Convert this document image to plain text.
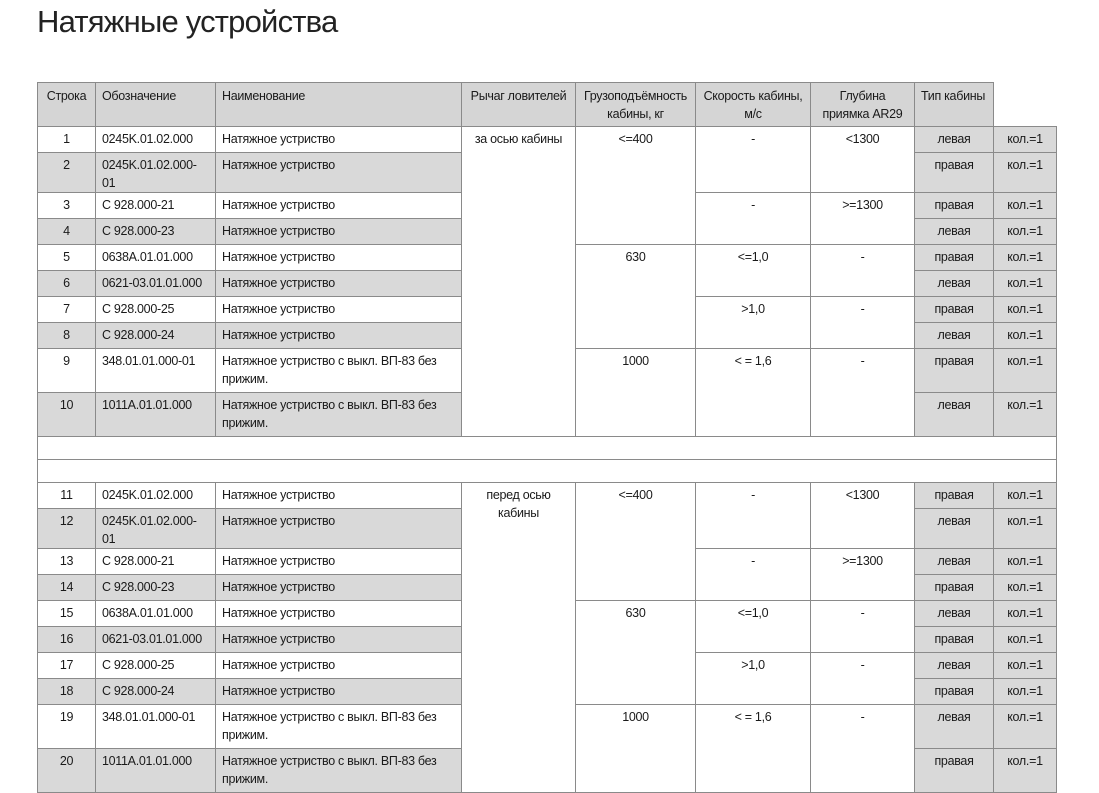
Натяжные устройства
Строка	Обозначение	Наименование	Рычаг ловителей	Грузоподъёмность кабины, кг	Скорость кабины, м/с	Глубина приямка AR29	Тип кабины	
1	0245K.01.02.000	Натяжное устриство	за осью кабины	<=400	-	<1300	левая	кол.=1
2	0245K.01.02.000-01	Натяжное устриство					правая	кол.=1
3	С 928.000-21	Натяжное устриство			-	>=1300	правая	кол.=1
4	С 928.000-23	Натяжное устриство					левая	кол.=1
5	0638А.01.01.000	Натяжное устриство		630	<=1,0	-	правая	кол.=1
6	0621-03.01.01.000	Натяжное устриство					левая	кол.=1
7	С 928.000-25	Натяжное устриство			>1,0	-	правая	кол.=1
8	С 928.000-24	Натяжное устриство					левая	кол.=1
9	348.01.01.000-01	Натяжное устриство с выкл. ВП-83 без прижим.		1000	< = 1,6	-	правая	кол.=1
10	1011А.01.01.000	Натяжное устриство с выкл. ВП-83 без прижим.					левая	кол.=1

11	0245K.01.02.000	Натяжное устриство	перед осью кабины	<=400	-	<1300	правая	кол.=1
12	0245K.01.02.000-01	Натяжное устриство					левая	кол.=1
13	С 928.000-21	Натяжное устриство			-	>=1300	левая	кол.=1
14	С 928.000-23	Натяжное устриство					правая	кол.=1
15	0638А.01.01.000	Натяжное устриство		630	<=1,0	-	левая	кол.=1
16	0621-03.01.01.000	Натяжное устриство					правая	кол.=1
17	С 928.000-25	Натяжное устриство			>1,0	-	левая	кол.=1
18	С 928.000-24	Натяжное устриство					правая	кол.=1
19	348.01.01.000-01	Натяжное устриство с выкл. ВП-83 без прижим.		1000	< = 1,6	-	левая	кол.=1
20	1011А.01.01.000	Натяжное устриство с выкл. ВП-83 без прижим.					правая	кол.=1
